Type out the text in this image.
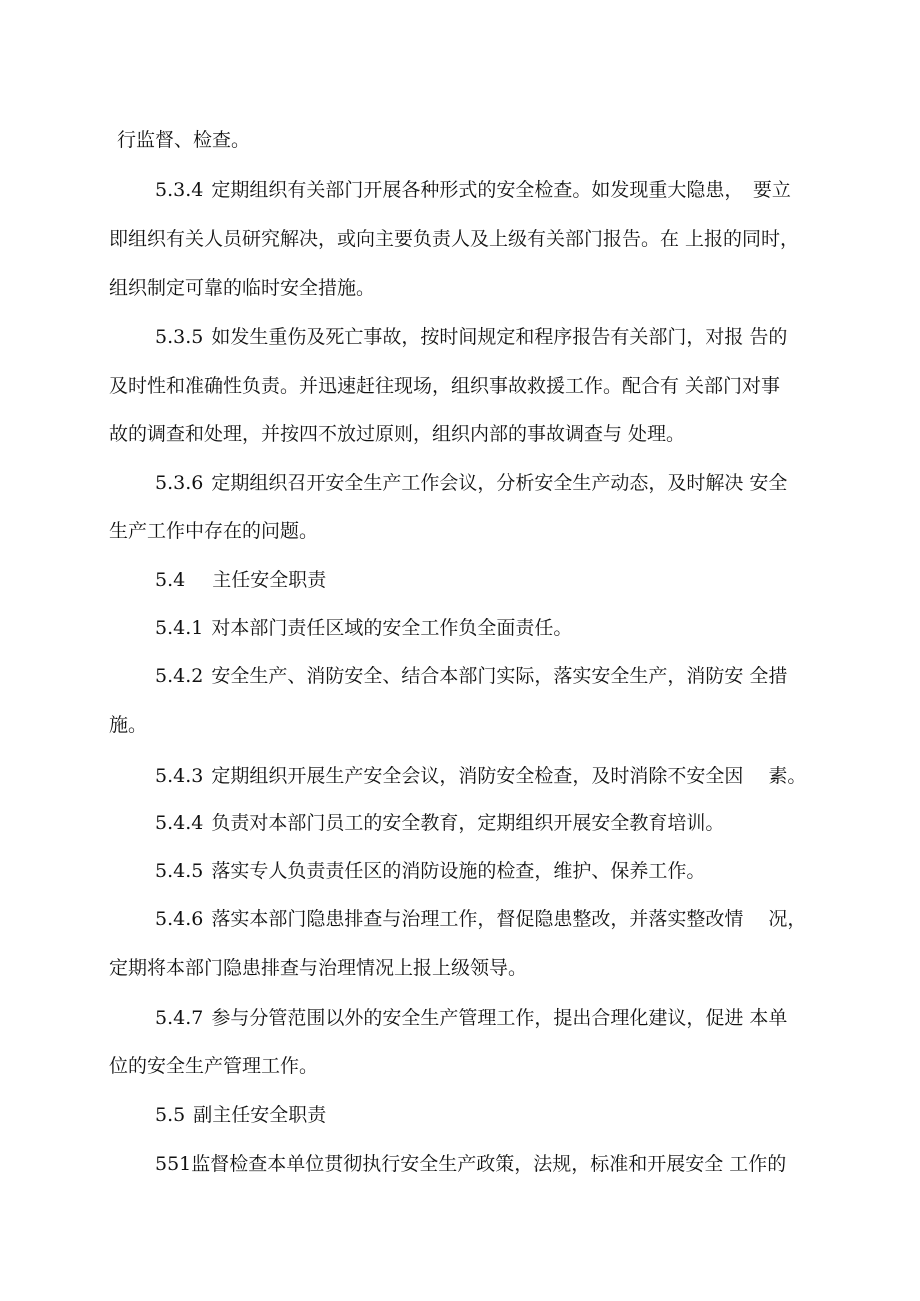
行监督、检查。
5.3.4 定期组织有关部门开展各种形式的安全检查。如发现重大隐患，　要立
即组织有关人员研究解决，或向主要负责人及上级有关部门报告。在 上报的同时，
组织制定可靠的临时安全措施。
5.3.5 如发生重伤及死亡事故，按时间规定和程序报告有关部门，对报 告的
及时性和准确性负责。并迅速赶往现场，组织事故救援工作。配合有 关部门对事
故的调查和处理，并按四不放过原则，组织内部的事故调查与 处理。
5.3.6 定期组织召开安全生产工作会议，分析安全生产动态，及时解决 安全
生产工作中存在的问题。
5.4　主任安全职责
5.4.1 对本部门责任区域的安全工作负全面责任。
5.4.2 安全生产、消防安全、结合本部门实际，落实安全生产，消防安 全措
施。
5.4.3 定期组织开展生产安全会议，消防安全检查，及时消除不安全因　 素。
5.4.4 负责对本部门员工的安全教育，定期组织开展安全教育培训。
5.4.5 落实专人负责责任区的消防设施的检查，维护、保养工作。
5.4.6 落实本部门隐患排查与治理工作，督促隐患整改，并落实整改情　 况，
定期将本部门隐患排查与治理情况上报上级领导。
5.4.7 参与分管范围以外的安全生产管理工作，提出合理化建议，促进 本单
位的安全生产管理工作。
5.5 副主任安全职责
551监督检查本单位贯彻执行安全生产政策，法规，标准和开展安全 工作的
